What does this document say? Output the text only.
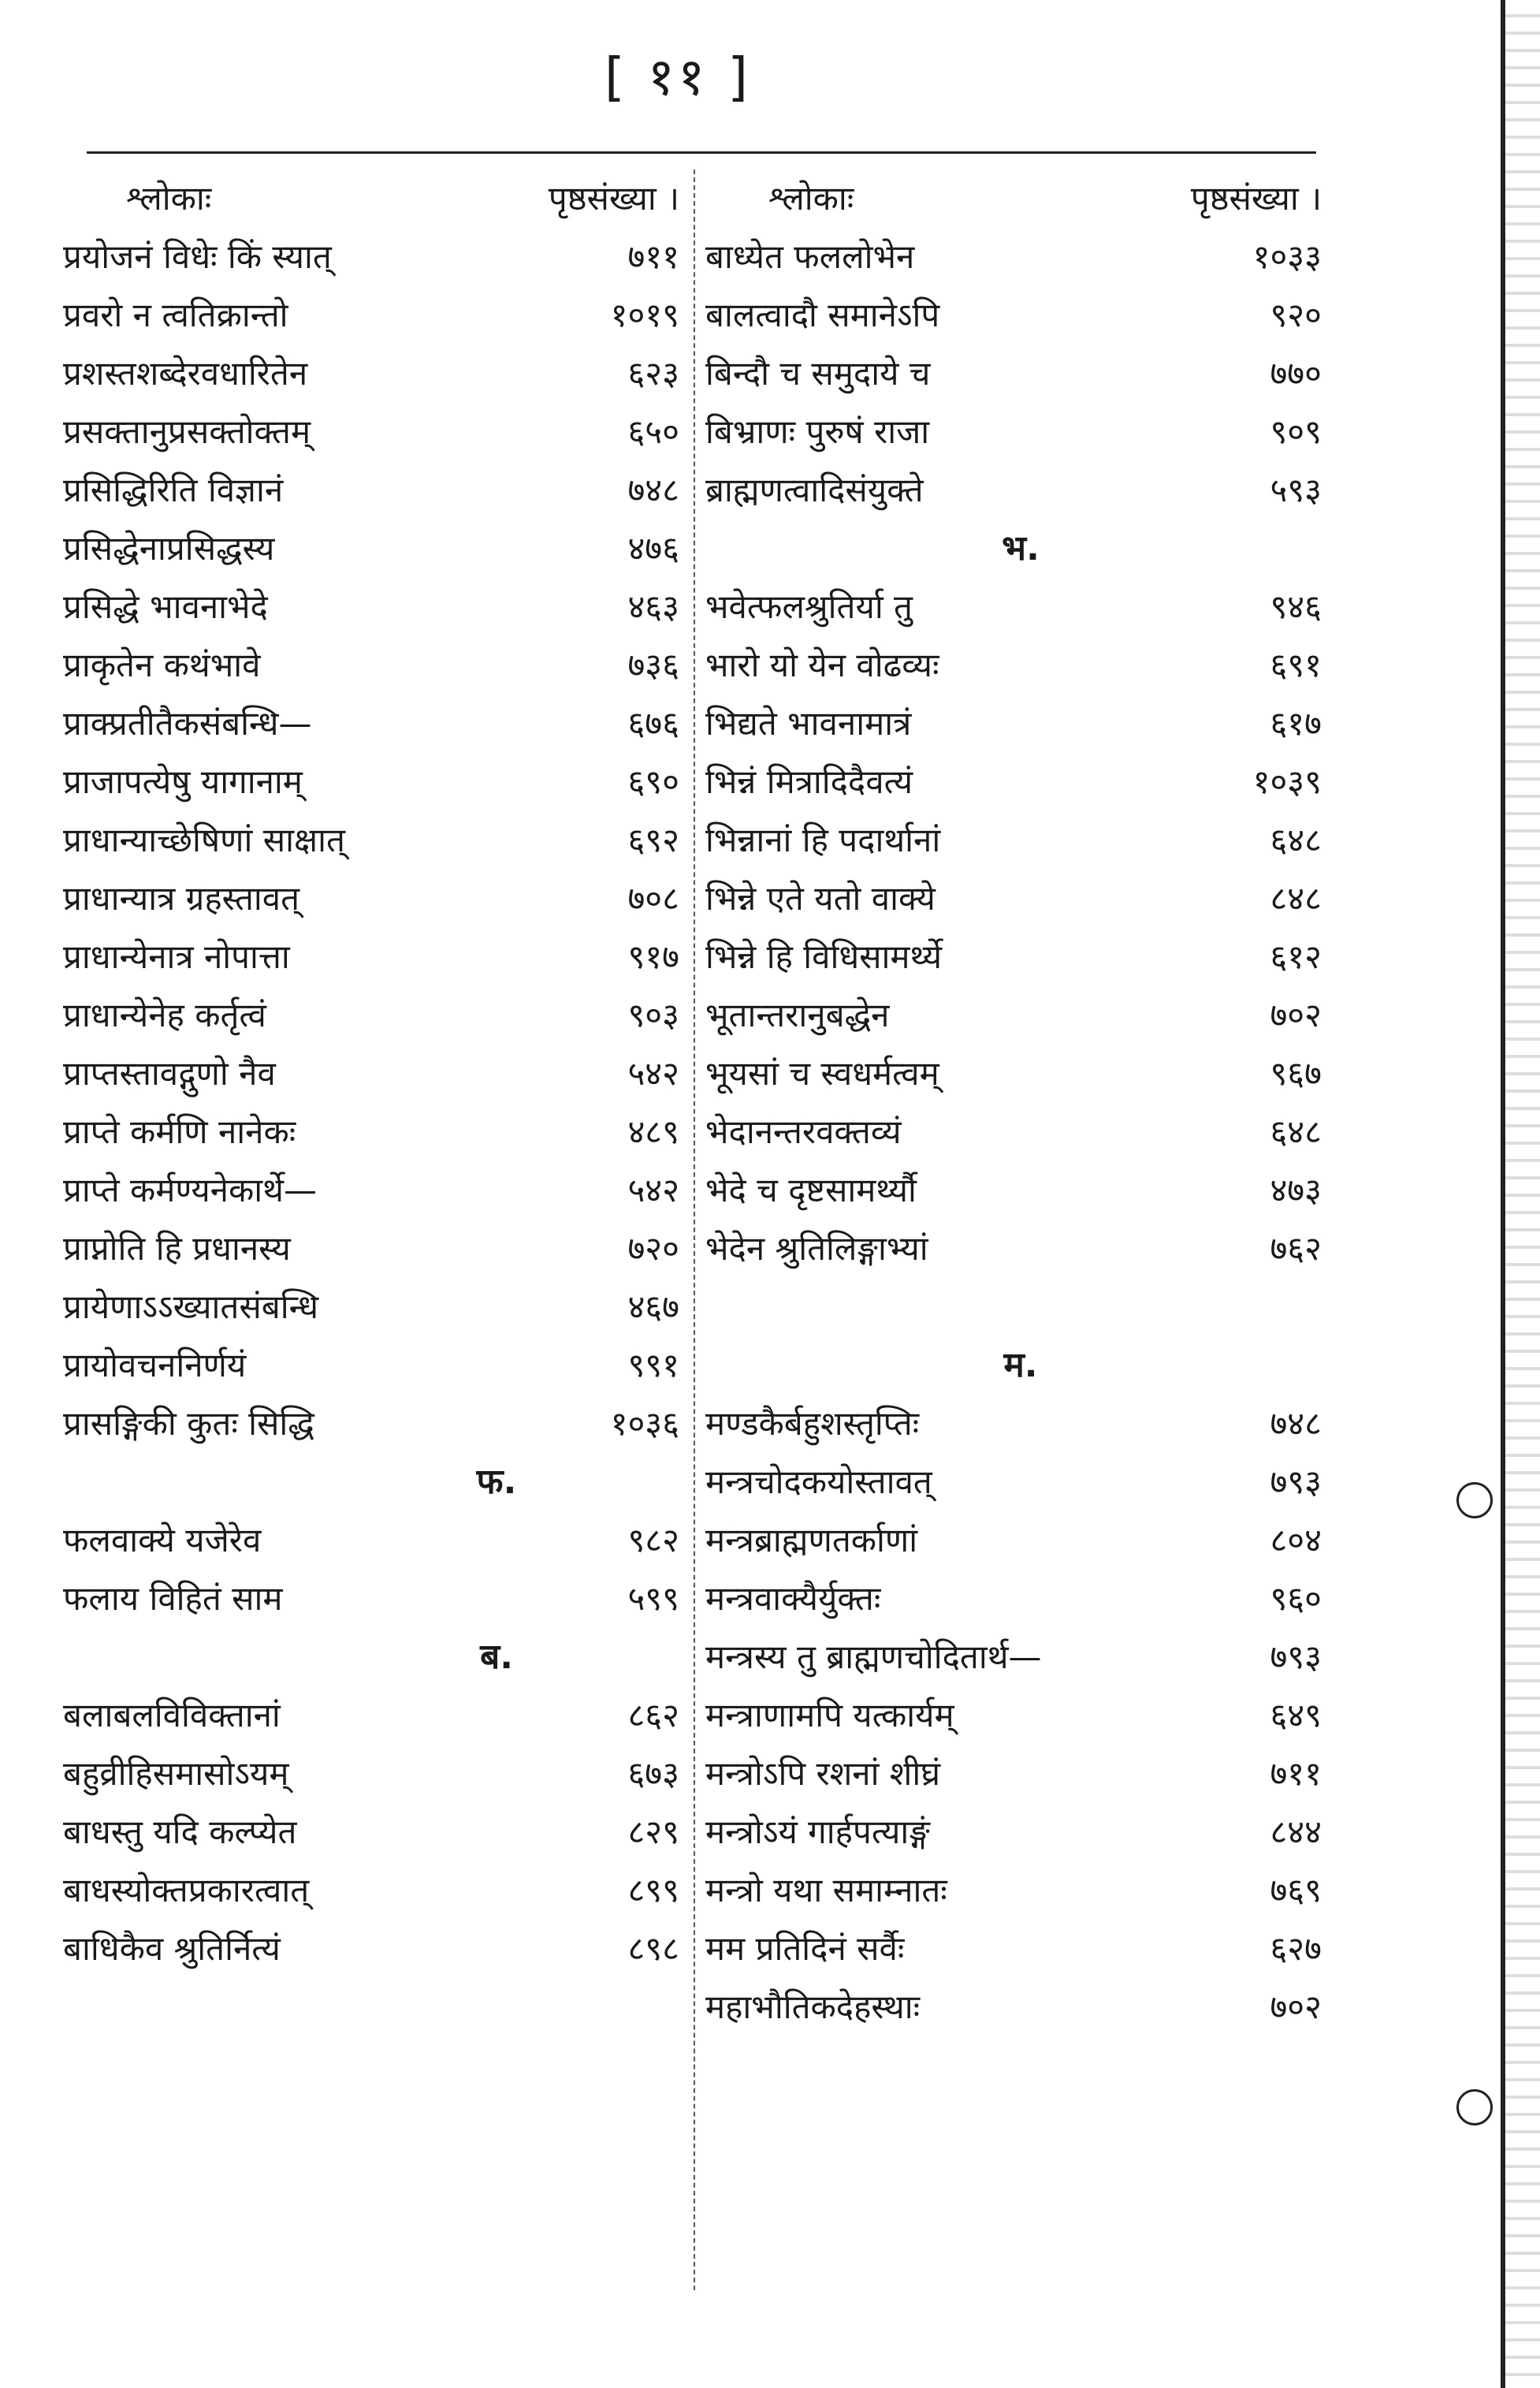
[ ११ ]
श्लोकाः	पृष्ठसंख्या ।
प्रयोजनं विधेः किं स्यात्	७११
प्रवरो न त्वतिक्रान्तो	१०१९
प्रशस्तशब्देरवधारितेन	६२३
प्रसक्तानुप्रसक्तोक्तम्	६५०
प्रसिद्धिरिति विज्ञानं	७४८
प्रसिद्धेनाप्रसिद्धस्य	४७६
प्रसिद्धे भावनाभेदे	४६३
प्राकृतेन कथंभावे	७३६
प्राक्प्रतीतैकसंबन्धि—	६७६
प्राजापत्येषु यागानाम्	६९०
प्राधान्याच्छेषिणां साक्षात्	६९२
प्राधान्यात्र ग्रहस्तावत्	७०८
प्राधान्येनात्र नोपात्ता	९१७
प्राधान्येनेह कर्तृत्वं	९०३
प्राप्तस्तावद्गुणो नैव	५४२
प्राप्ते कर्मणि नानेकः	४८९
प्राप्ते कर्मण्यनेकार्थे—	५४२
प्राप्नोति हि प्रधानस्य	७२०
प्रायेणाऽऽख्यातसंबन्धि	४६७
प्रायोवचननिर्णयं	९९१
प्रासङ्गिकी कुतः सिद्धि	१०३६
फ.
फलवाक्ये यजेरेव	९८२
फलाय विहितं साम	५९९
ब.
बलाबलविविक्तानां	८६२
बहुव्रीहिसमासोऽयम्	६७३
बाधस्तु यदि कल्प्येत	८२९
बाधस्योक्तप्रकारत्वात्	८९९
बाधिकैव श्रुतिर्नित्यं	८९८
श्लोकाः	पृष्ठसंख्या ।
बाध्येत फललोभेन	१०३३
बालत्वादौ समानेऽपि	९२०
बिन्दौ च समुदाये च	७७०
बिभ्राणः पुरुषं राजा	९०९
ब्राह्मणत्वादिसंयुक्ते	५९३
भ.
भवेत्फलश्रुतिर्या तु	९४६
भारो यो येन वोढव्यः	६९१
भिद्यते भावनामात्रं	६१७
भिन्नं मित्रादिदैवत्यं	१०३९
भिन्नानां हि पदार्थानां	६४८
भिन्ने एते यतो वाक्ये	८४८
भिन्ने हि विधिसामर्थ्ये	६१२
भूतान्तरानुबद्धेन	७०२
भूयसां च स्वधर्मत्वम्	९६७
भेदानन्तरवक्तव्यं	६४८
भेदे च दृष्टसामर्थ्यौ	४७३
भेदेन श्रुतिलिङ्गाभ्यां	७६२
म.
मण्डकैर्बहुशस्तृप्तिः	७४८
मन्त्रचोदकयोस्तावत्	७९३
मन्त्रब्राह्मणतर्काणां	८०४
मन्त्रवाक्यैर्युक्तः	९६०
मन्त्रस्य तु ब्राह्मणचोदितार्थ—	७९३
मन्त्राणामपि यत्कार्यम्	६४९
मन्त्रोऽपि रशनां शीघ्रं	७११
मन्त्रोऽयं गार्हपत्याङ्गं	८४४
मन्त्रो यथा समाम्नातः	७६९
मम प्रतिदिनं सर्वैः	६२७
महाभौतिकदेहस्थाः	७०२
